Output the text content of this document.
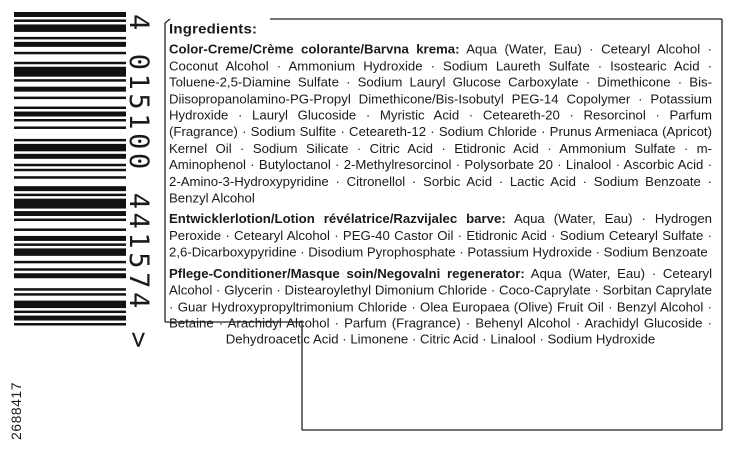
4 015100 441574 >
2688417
Ingredients:
Color-Creme/Crème colorante/Barvna krema: Aqua (Water, Eau) · Cetearyl Alcohol · Coconut Alcohol · Ammonium Hydroxide · Sodium Laureth Sulfate · Isostearic Acid · Toluene-2,5-Diamine Sulfate · Sodium Lauryl Glucose Carboxylate · Dimethicone · Bis-Diisopropanolamino-PG-Propyl Dimethicone/Bis-Isobutyl PEG-14 Copolymer · Potassium Hydroxide · Lauryl Glucoside · Myristic Acid · Ceteareth-20 · Resorcinol · Parfum (Fragrance) · Sodium Sulfite · Ceteareth-12 · Sodium Chloride · Prunus Armeniaca (Apricot) Kernel Oil · Sodium Silicate · Citric Acid · Etidronic Acid · Ammonium Sulfate · m-Aminophenol · Butyloctanol · 2-Methylresorcinol · Polysorbate 20 · Linalool · Ascorbic Acid · 2-Amino-3-Hydroxypyridine · Citronellol · Sorbic Acid · Lactic Acid · Sodium Benzoate · Benzyl Alcohol
Entwicklerlotion/Lotion révélatrice/Razvijalec barve: Aqua (Water, Eau) · Hydrogen Peroxide · Cetearyl Alcohol · PEG-40 Castor Oil · Etidronic Acid · Sodium Cetearyl Sulfate · 2,6-Dicarboxypyridine · Disodium Pyrophosphate · Potassium Hydroxide · Sodium Benzoate
Pflege-Conditioner/Masque soin/Negovalni regenerator: Aqua (Water, Eau) · Cetearyl Alcohol · Glycerin · Distearoylethyl Dimonium Chloride · Coco-Caprylate · Sorbitan Caprylate · Guar Hydroxypropyltrimonium Chloride · Olea Europaea (Olive) Fruit Oil · Benzyl Alcohol · Betaine · Arachidyl Alcohol · Parfum (Fragrance) · Behenyl Alcohol · Arachidyl Glucoside · Dehydroacetic Acid · Limonene · Citric Acid · Linalool · Sodium Hydroxide
